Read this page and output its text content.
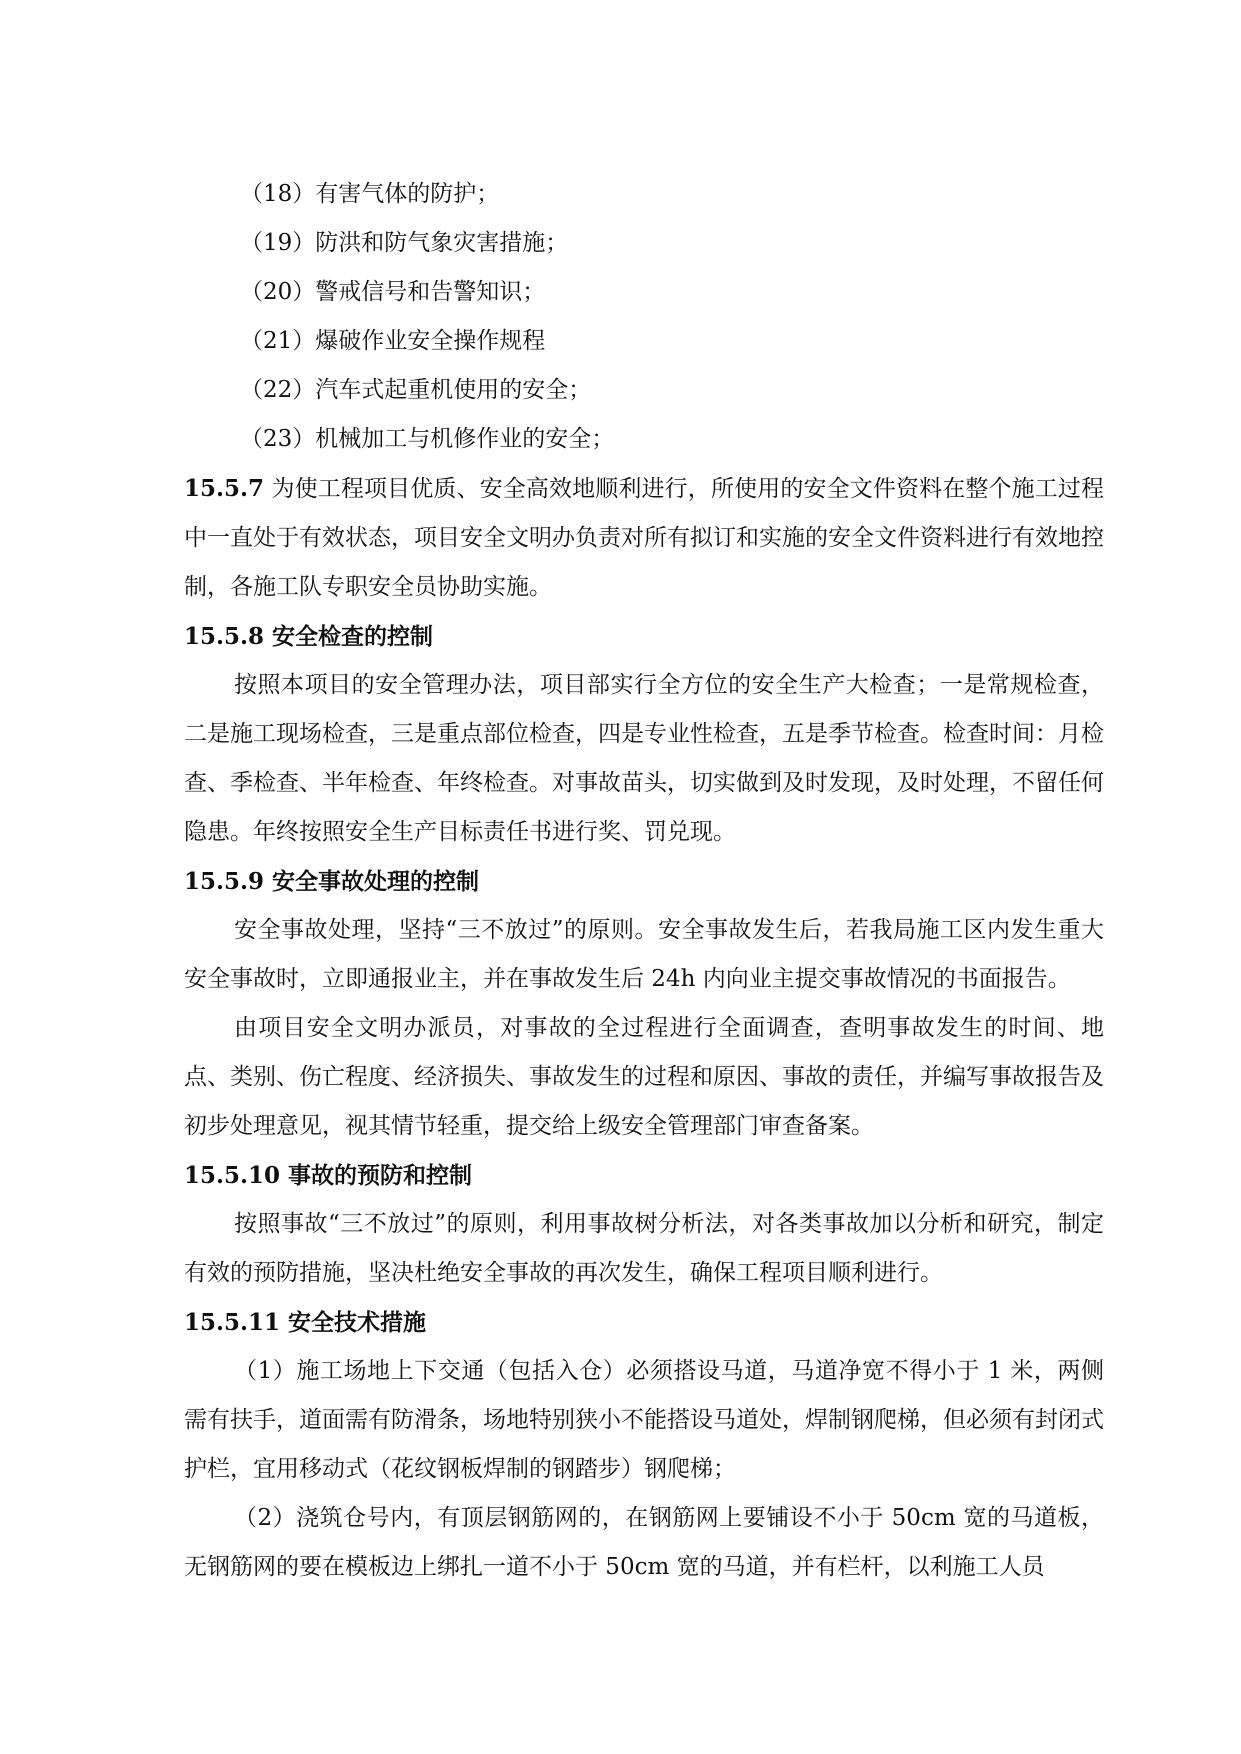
（18）有害气体的防护；
（19）防洪和防气象灾害措施；
（20）警戒信号和告警知识；
（21）爆破作业安全操作规程
（22）汽车式起重机使用的安全；
（23）机械加工与机修作业的安全；

15.5.7 为使工程项目优质、安全高效地顺利进行，所使用的安全文件资料在整个施工过程中一直处于有效状态，项目安全文明办负责对所有拟订和实施的安全文件资料进行有效地控制，各施工队专职安全员协助实施。

15.5.8 安全检查的控制

按照本项目的安全管理办法，项目部实行全方位的安全生产大检查；一是常规检查，二是施工现场检查，三是重点部位检查，四是专业性检查，五是季节检查。检查时间：月检查、季检查、半年检查、年终检查。对事故苗头，切实做到及时发现，及时处理，不留任何隐患。年终按照安全生产目标责任书进行奖、罚兑现。

15.5.9 安全事故处理的控制

安全事故处理，坚持“三不放过”的原则。安全事故发生后，若我局施工区内发生重大安全事故时，立即通报业主，并在事故发生后 24h 内向业主提交事故情况的书面报告。

由项目安全文明办派员，对事故的全过程进行全面调查，查明事故发生的时间、地点、类别、伤亡程度、经济损失、事故发生的过程和原因、事故的责任，并编写事故报告及初步处理意见，视其情节轻重，提交给上级安全管理部门审查备案。

15.5.10 事故的预防和控制

按照事故“三不放过”的原则，利用事故树分析法，对各类事故加以分析和研究，制定有效的预防措施，坚决杜绝安全事故的再次发生，确保工程项目顺利进行。

15.5.11 安全技术措施

（1）施工场地上下交通（包括入仓）必须搭设马道，马道净宽不得小于 1 米，两侧需有扶手，道面需有防滑条，场地特别狭小不能搭设马道处，焊制钢爬梯，但必须有封闭式护栏，宜用移动式（花纹钢板焊制的钢踏步）钢爬梯；

（2）浇筑仓号内，有顶层钢筋网的，在钢筋网上要铺设不小于 50cm 宽的马道板，无钢筋网的要在模板边上绑扎一道不小于 50cm 宽的马道，并有栏杆，以利施工人员
